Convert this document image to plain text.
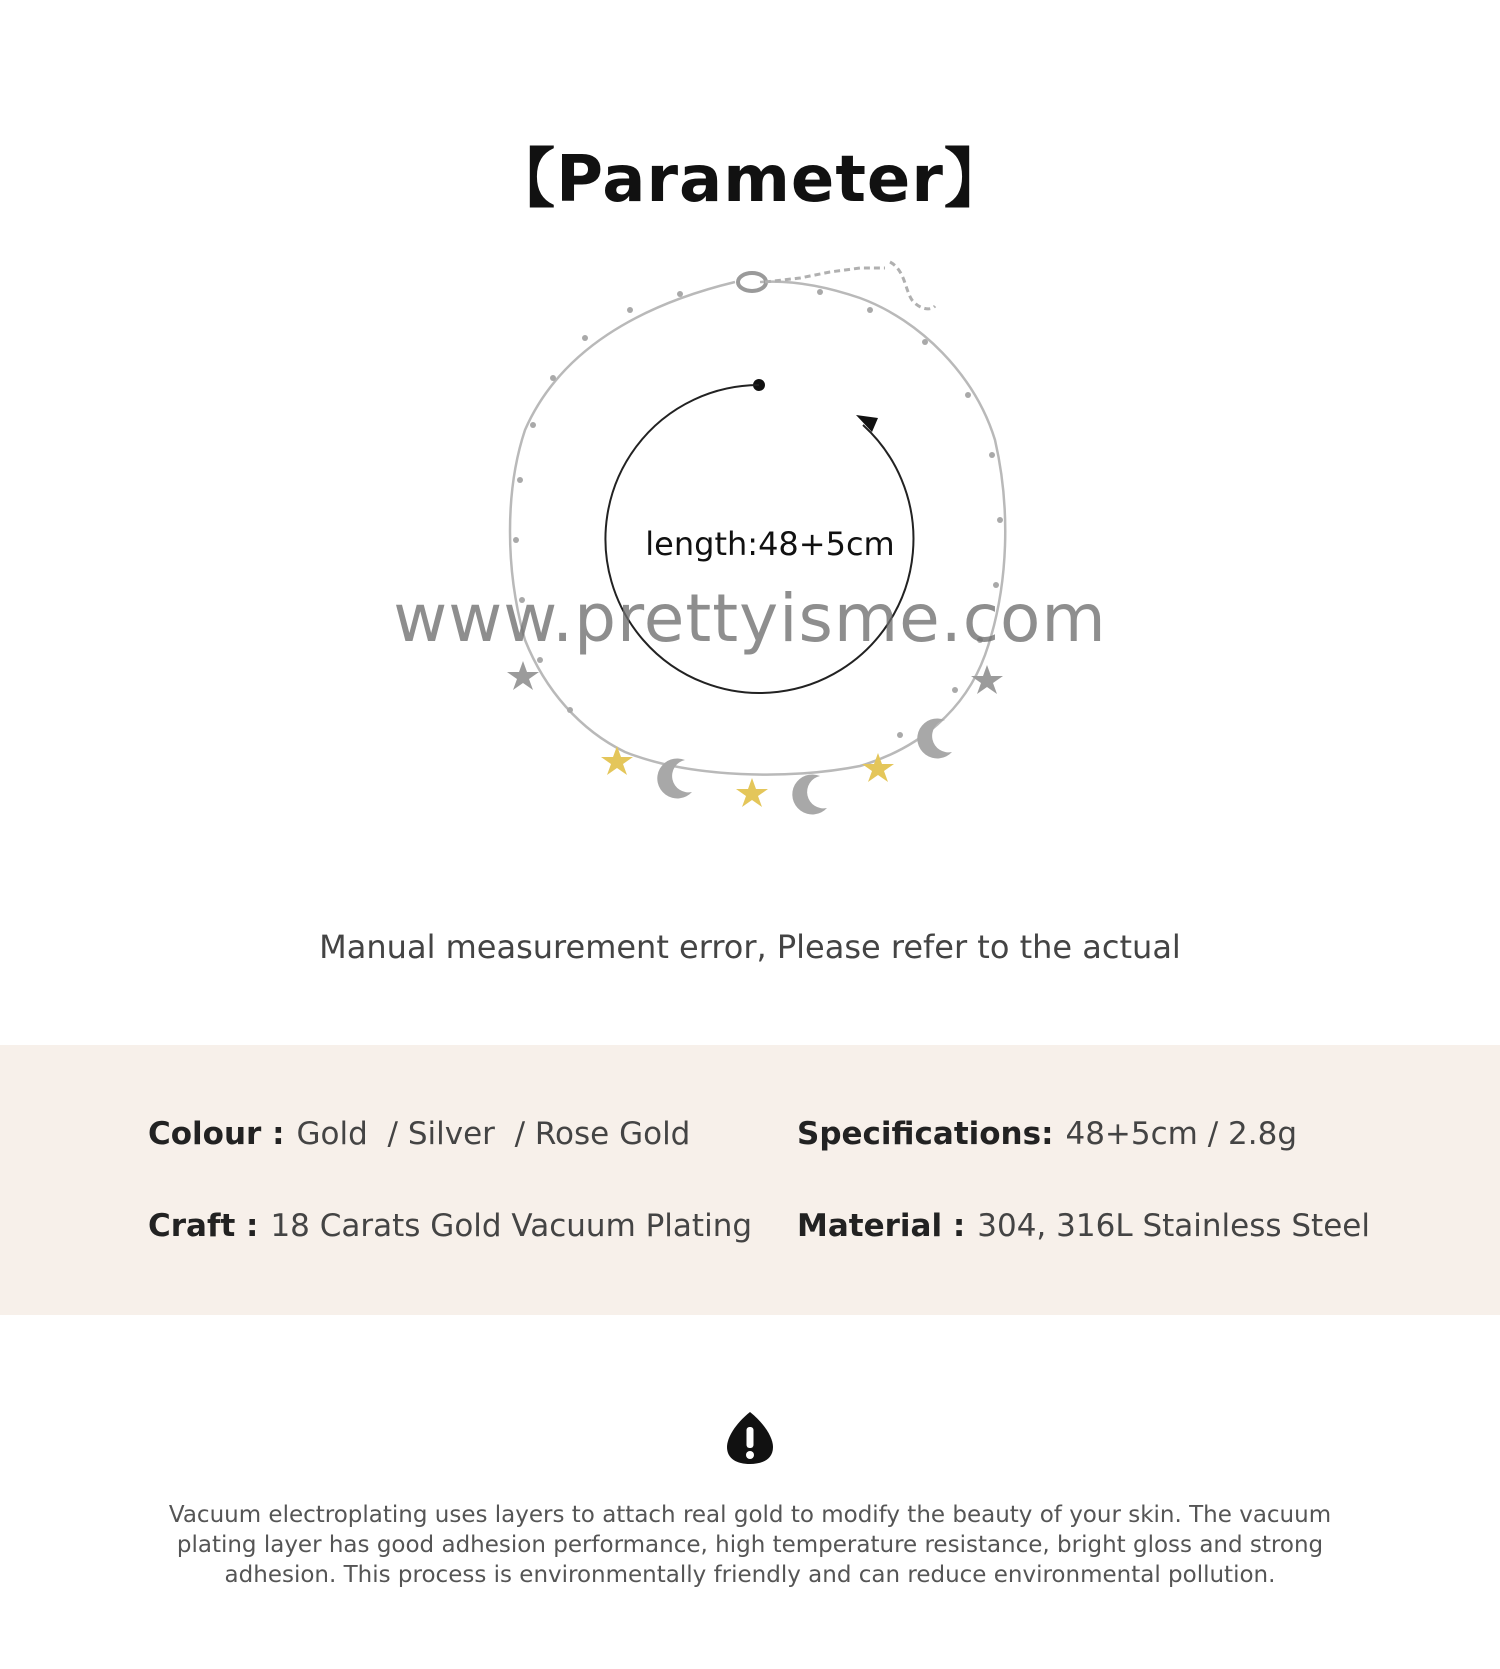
【Parameter】
length:48+5cm
www.prettyisme.com
Manual measurement error, Please refer to the actual
Colour : Gold  / Silver  / Rose Gold	Specifications: 48+5cm / 2.8g
Craft : 18 Carats Gold Vacuum Plating Material : 304, 316L Stainless Steel
Vacuum electroplating uses layers to attach real gold to modify the beauty of your skin. The vacuum plating layer has good adhesion performance, high temperature resistance, bright gloss and strong adhesion. This process is environmentally friendly and can reduce environmental pollution.
